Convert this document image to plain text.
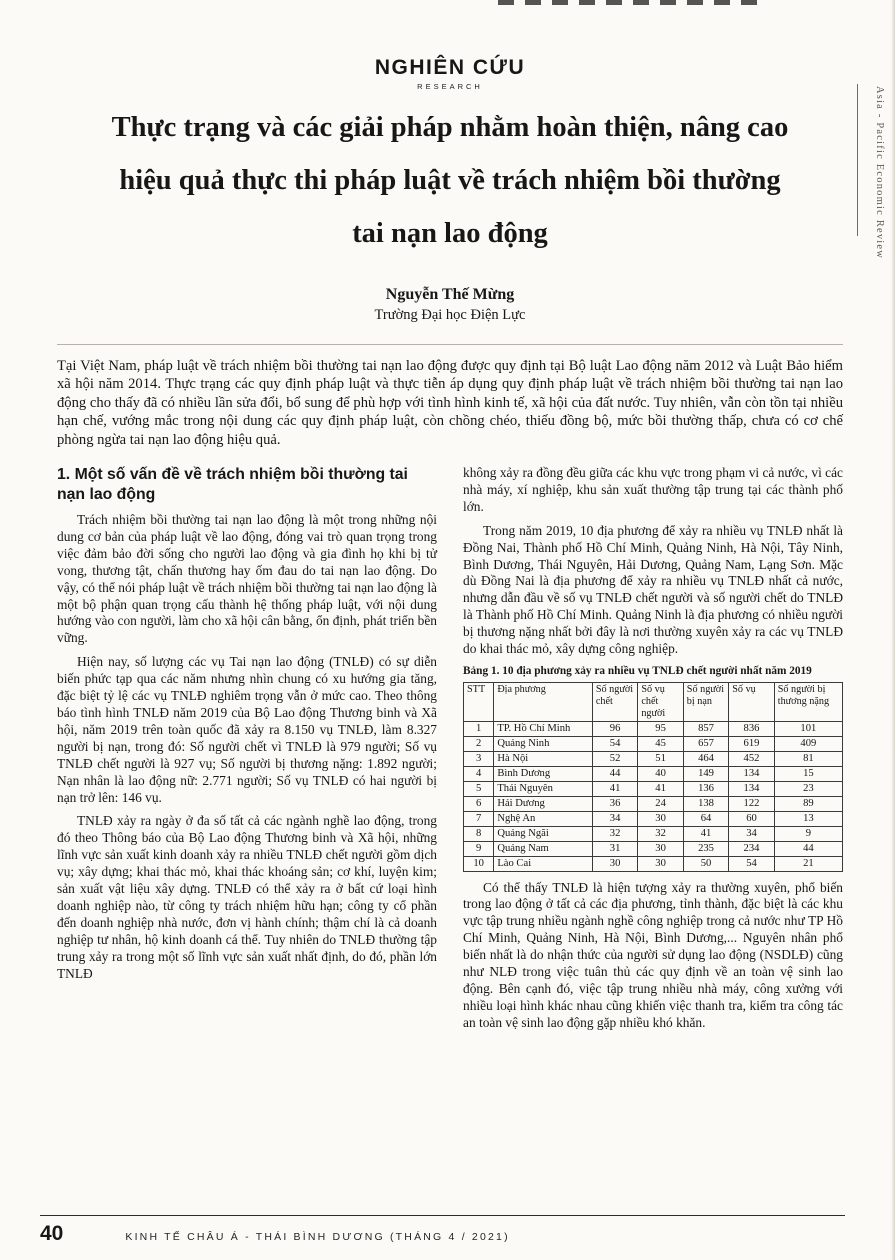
Asia - Pacific Economic Review
NGHIÊN CỨU
RESEARCH
Thực trạng và các giải pháp nhằm hoàn thiện, nâng cao
hiệu quả thực thi pháp luật về trách nhiệm bồi thường
tai nạn lao động
Nguyễn Thế Mừng
Trường Đại học Điện Lực

Tại Việt Nam, pháp luật về trách nhiệm bồi thường tai nạn lao động được quy định tại Bộ luật Lao động năm 2012 và Luật Bảo hiểm xã hội năm 2014. Thực trạng các quy định pháp luật và thực tiễn áp dụng quy định pháp luật về trách nhiệm bồi thường tai nạn lao động cho thấy đã có nhiều lần sửa đổi, bổ sung để phù hợp với tình hình kinh tế, xã hội của đất nước. Tuy nhiên, vẫn còn tồn tại nhiều hạn chế, vướng mắc trong nội dung các quy định pháp luật, còn chồng chéo, thiếu đồng bộ, mức bồi thường thấp, chưa có cơ chế phòng ngừa tai nạn lao động hiệu quả.

1. Một số vấn đề về trách nhiệm bồi thường tai nạn lao động

Trách nhiệm bồi thường tai nạn lao động là một trong những nội dung cơ bản của pháp luật về lao động, đóng vai trò quan trọng trong việc đảm bảo đời sống cho người lao động và gia đình họ khi bị tử vong, thương tật, chấn thương hay ốm đau do tai nạn lao động. Do vậy, có thể nói pháp luật về trách nhiệm bồi thường tai nạn lao động là một bộ phận quan trọng cấu thành hệ thống pháp luật, với nội dung hướng vào con người, làm cho xã hội cân bằng, ổn định, phát triển bền vững.

Hiện nay, số lượng các vụ Tai nạn lao động (TNLĐ) có sự diễn biến phức tạp qua các năm nhưng nhìn chung có xu hướng gia tăng, đặc biệt tỷ lệ các vụ TNLĐ nghiêm trọng vẫn ở mức cao. Theo thông báo tình hình TNLĐ năm 2019 của Bộ Lao động Thương binh và Xã hội, năm 2019 trên toàn quốc đã xảy ra 8.150 vụ TNLĐ, làm 8.327 người bị nạn, trong đó: Số người chết vì TNLĐ là 979 người; Số vụ TNLĐ chết người là 927 vụ; Số người bị thương nặng: 1.892 người; Nạn nhân là lao động nữ: 2.771 người; Số vụ TNLĐ có hai người bị nạn trở lên: 146 vụ.

TNLĐ xảy ra ngày ở đa số tất cả các ngành nghề lao động, trong đó theo Thông báo của Bộ Lao động Thương binh và Xã hội, những lĩnh vực sản xuất kinh doanh xảy ra nhiều TNLĐ chết người gồm dịch vụ; xây dựng; khai thác mỏ, khai thác khoáng sản; cơ khí, luyện kim; sản xuất vật liệu xây dựng. TNLĐ có thể xảy ra ở bất cứ loại hình doanh nghiệp nào, từ công ty trách nhiệm hữu hạn; công ty cổ phần đến doanh nghiệp nhà nước, đơn vị hành chính; thậm chí là cả doanh nghiệp tư nhân, hộ kinh doanh cá thể. Tuy nhiên do TNLĐ thường tập trung xảy ra trong một số lĩnh vực sản xuất nhất định, do đó, phần lớn TNLĐ

không xảy ra đồng đều giữa các khu vực trong phạm vi cả nước, vì các nhà máy, xí nghiệp, khu sản xuất thường tập trung tại các thành phố lớn.

Trong năm 2019, 10 địa phương để xảy ra nhiều vụ TNLĐ nhất là Đồng Nai, Thành phố Hồ Chí Minh, Quảng Ninh, Hà Nội, Tây Ninh, Bình Dương, Thái Nguyên, Hải Dương, Quảng Nam, Lạng Sơn. Mặc dù Đồng Nai là địa phương để xảy ra nhiều vụ TNLĐ nhất cả nước, nhưng dẫn đầu về số vụ TNLĐ chết người và số người chết do TNLĐ là Thành phố Hồ Chí Minh. Quảng Ninh là địa phương có nhiều người bị thương nặng nhất bởi đây là nơi thường xuyên xảy ra các vụ TNLĐ do khai thác mỏ, xây dựng công nghiệp.

Bảng 1. 10 địa phương xảy ra nhiều vụ TNLĐ chết người nhất năm 2019
STT	Địa phương	Số người chết	Số vụ chết người	Số người bị nạn	Số vụ	Số người bị thương nặng
1	TP. Hồ Chí Minh	96	95	857	836	101
2	Quảng Ninh	54	45	657	619	409
3	Hà Nội	52	51	464	452	81
4	Bình Dương	44	40	149	134	15
5	Thái Nguyên	41	41	136	134	23
6	Hải Dương	36	24	138	122	89
7	Nghệ An	34	30	64	60	13
8	Quảng Ngãi	32	32	41	34	9
9	Quảng Nam	31	30	235	234	44
10	Lào Cai	30	30	50	54	21

Có thể thấy TNLĐ là hiện tượng xảy ra thường xuyên, phổ biến trong lao động ở tất cả các địa phương, tỉnh thành, đặc biệt là các khu vực tập trung nhiều ngành nghề công nghiệp trong cả nước như TP Hồ Chí Minh, Quảng Ninh, Hà Nội, Bình Dương,... Nguyên nhân phổ biến nhất là do nhận thức của người sử dụng lao động (NSDLĐ) cũng như NLĐ trong việc tuân thủ các quy định về an toàn vệ sinh lao động. Bên cạnh đó, việc tập trung nhiều nhà máy, công xưởng với nhiều loại hình khác nhau cũng khiến việc thanh tra, kiểm tra công tác an toàn vệ sinh lao động gặp nhiều khó khăn.

40	KINH TẾ CHÂU Á - THÁI BÌNH DƯƠNG (THÁNG 4 / 2021)
